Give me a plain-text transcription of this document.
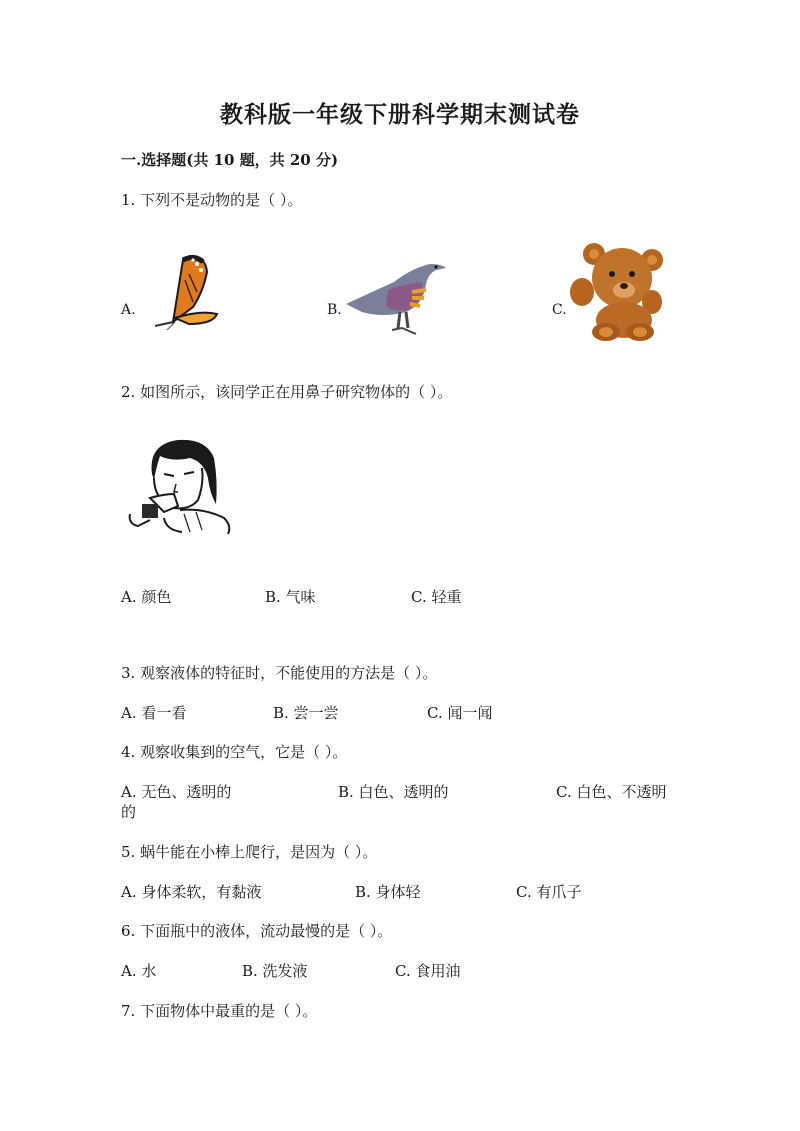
教科版一年级下册科学期末测试卷
一.选择题(共 10 题，共 20 分)
1. 下列不是动物的是（ ）。
A.	B.	C.
2. 如图所示，该同学正在用鼻子研究物体的（ ）。
A. 颜色	B. 气味	C. 轻重
3. 观察液体的特征时，不能使用的方法是（ ）。
A. 看一看	B. 尝一尝	C. 闻一闻
4. 观察收集到的空气，它是（ ）。
A. 无色、透明的	B. 白色、透明的	C. 白色、不透明
的
5. 蜗牛能在小棒上爬行，是因为（ ）。
A. 身体柔软，有黏液	B. 身体轻	C. 有爪子
6. 下面瓶中的液体，流动最慢的是（ ）。
A. 水	B. 洗发液	C. 食用油
7. 下面物体中最重的是（ ）。
